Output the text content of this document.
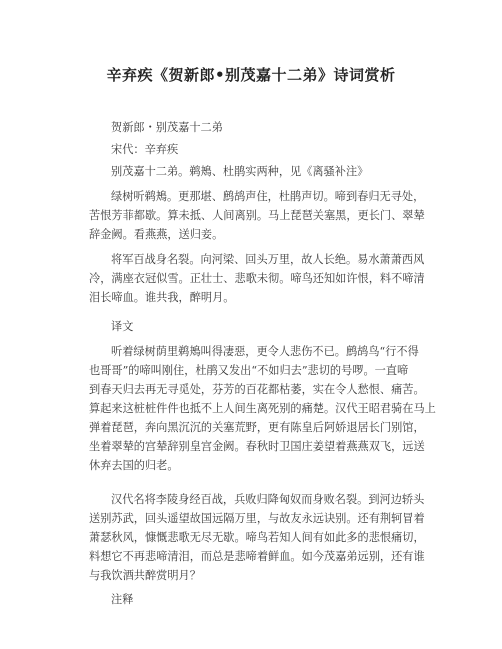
辛弃疾《贺新郎•别茂嘉十二弟》诗词赏析
贺新郎・别茂嘉十二弟
宋代：辛弃疾
别茂嘉十二弟。鹈鴂、杜鹃实两种，见《离骚补注》
绿树听鹈鴂。更那堪、鹧鸪声住，杜鹃声切。啼到春归无寻处，
苦恨芳菲都歇。算未抵、人间离别。马上琵琶关塞黑，更长门、翠辇
辞金阙。看燕燕，送归妾。
将军百战身名裂。向河梁、回头万里，故人长绝。易水萧萧西风
冷，满座衣冠似雪。正壮士、悲歌未彻。啼鸟还知如许恨，料不啼清
泪长啼血。谁共我，醉明月。
译文
听着绿树荫里鹈鴂叫得凄惡，更令人悲伤不已。鹧鸪鸟“行不得
也哥哥”的啼叫刚住，杜鹃又发出“不如归去”悲切的号啰。一直啼
到春天归去再无寻觅处，芬芳的百花都枯萎，实在令人愁恨、痛苦。
算起来这桩桩件件也抵不上人间生离死别的痛楚。汉代王昭君骑在马上
弹着琵琶，奔向黑沉沉的关塞荒野，更有陈皇后阿娇退居长门别馆，
坐着翠辇的宫辇辞别皇宫金阙。春秋时卫国庄姜望着燕燕双飞，远送
休弃去国的归老。
汉代名将李陵身经百战，兵败归降匈奴而身败名裂。到河边轿头
送别苏武，回头遥望故国远隔万里，与故友永远诀别。还有荆轲冒着
萧瑟秋风，慷慨悲歌无尽无歇。啼鸟若知人间有如此多的悲恨痛切，
料想它不再悲啼清泪，而总是悲啼着鲜血。如今茂嘉弟远别，还有谁
与我饮酒共醉赏明月？
注释
